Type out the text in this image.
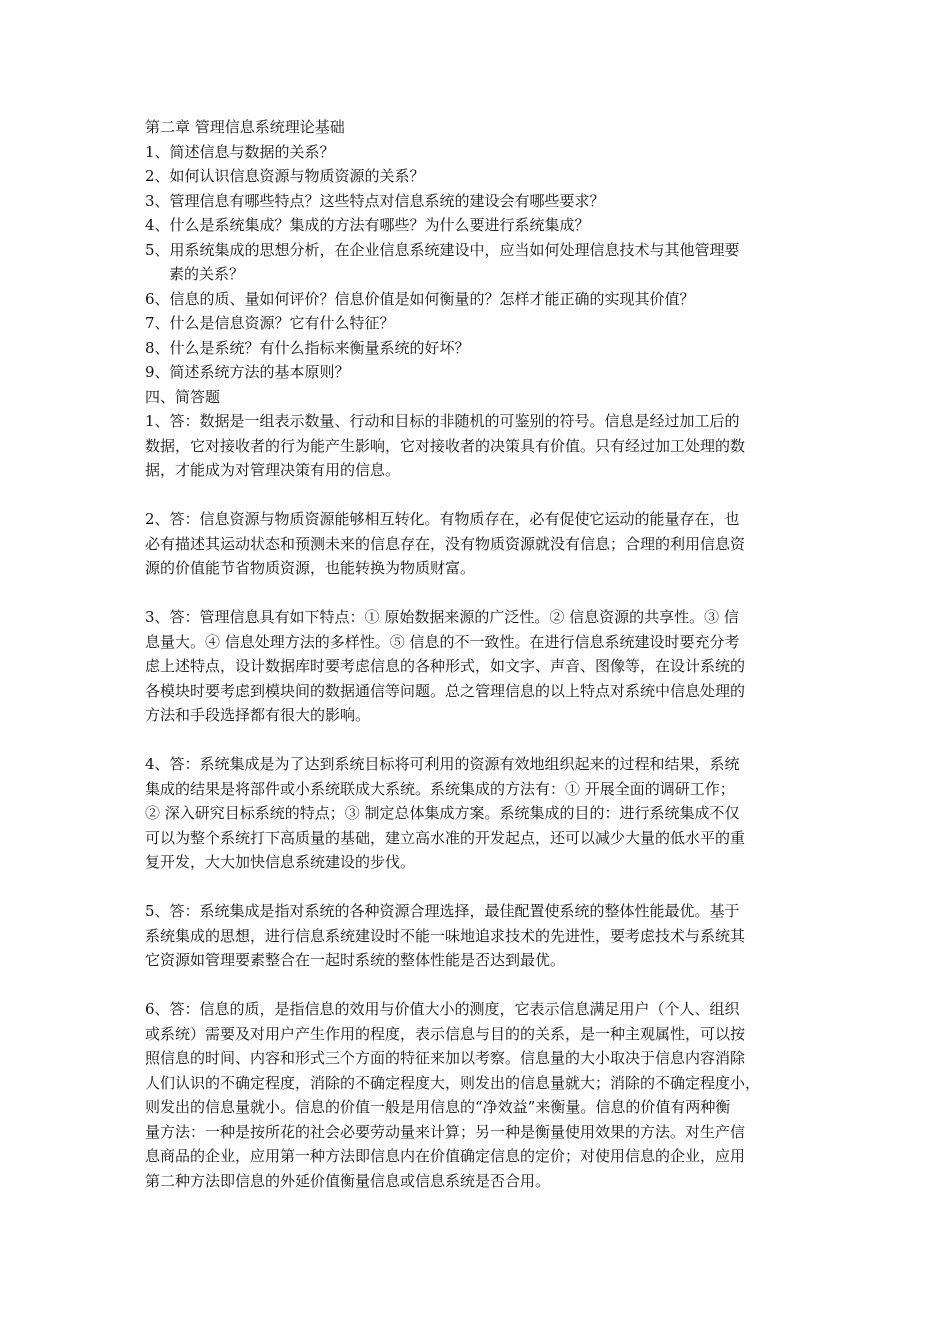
第二章 管理信息系统理论基础
1、简述信息与数据的关系？
2、如何认识信息资源与物质资源的关系？
3、管理信息有哪些特点？这些特点对信息系统的建设会有哪些要求？
4、什么是系统集成？集成的方法有哪些？为什么要进行系统集成？
5、用系统集成的思想分析，在企业信息系统建设中，应当如何处理信息技术与其他管理要
素的关系？
6、信息的质、量如何评价？信息价值是如何衡量的？怎样才能正确的实现其价值？
7、什么是信息资源？它有什么特征？
8、什么是系统？有什么指标来衡量系统的好坏？
9、简述系统方法的基本原则？
四、简答题
1、答：数据是一组表示数量、行动和目标的非随机的可鉴别的符号。信息是经过加工后的
数据，它对接收者的行为能产生影响，它对接收者的决策具有价值。只有经过加工处理的数
据，才能成为对管理决策有用的信息。
2、答：信息资源与物质资源能够相互转化。有物质存在，必有促使它运动的能量存在，也
必有描述其运动状态和预测未来的信息存在，没有物质资源就没有信息；合理的利用信息资
源的价值能节省物质资源，也能转换为物质财富。
3、答：管理信息具有如下特点：① 原始数据来源的广泛性。② 信息资源的共享性。③ 信
息量大。④ 信息处理方法的多样性。⑤ 信息的不一致性。在进行信息系统建设时要充分考
虑上述特点，设计数据库时要考虑信息的各种形式，如文字、声音、图像等，在设计系统的
各模块时要考虑到模块间的数据通信等问题。总之管理信息的以上特点对系统中信息处理的
方法和手段选择都有很大的影响。
4、答：系统集成是为了达到系统目标将可利用的资源有效地组织起来的过程和结果，系统
集成的结果是将部件或小系统联成大系统。系统集成的方法有：① 开展全面的调研工作；
② 深入研究目标系统的特点；③ 制定总体集成方案。系统集成的目的：进行系统集成不仅
可以为整个系统打下高质量的基础，建立高水准的开发起点，还可以减少大量的低水平的重
复开发，大大加快信息系统建设的步伐。
5、答：系统集成是指对系统的各种资源合理选择，最佳配置使系统的整体性能最优。基于
系统集成的思想，进行信息系统建设时不能一味地追求技术的先进性，要考虑技术与系统其
它资源如管理要素整合在一起时系统的整体性能是否达到最优。
6、答：信息的质，是指信息的效用与价值大小的测度，它表示信息满足用户（个人、组织
或系统）需要及对用户产生作用的程度，表示信息与目的的关系，是一种主观属性，可以按
照信息的时间、内容和形式三个方面的特征来加以考察。信息量的大小取决于信息内容消除
人们认识的不确定程度，消除的不确定程度大，则发出的信息量就大；消除的不确定程度小，
则发出的信息量就小。信息的价值一般是用信息的“净效益”来衡量。信息的价值有两种衡
量方法：一种是按所花的社会必要劳动量来计算；另一种是衡量使用效果的方法。对生产信
息商品的企业，应用第一种方法即信息内在价值确定信息的定价；对使用信息的企业，应用
第二种方法即信息的外延价值衡量信息或信息系统是否合用。
